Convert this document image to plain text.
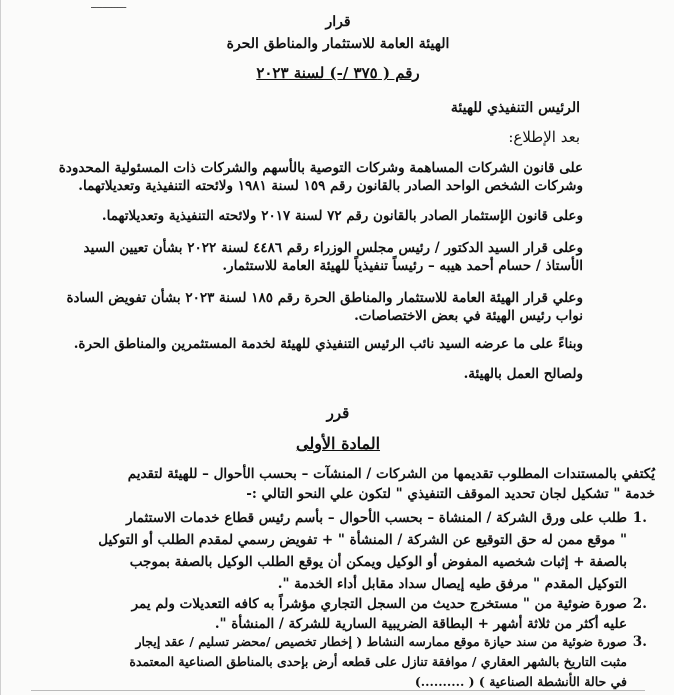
ــــــــــــ
قرار
الهيئة العامة للاستثمار والمناطق الحرة
رقم ( ٣٧٥ /-) لسنة ٢٠٢٣
الرئيس التنفيذي للهيئة
بعد الإطلاع:
على قانون الشركات المساهمة وشركات التوصية بالأسهم والشركات ذات المسئولية المحدودة
وشركات الشخص الواحد الصادر بالقانون رقم ١٥٩ لسنة ١٩٨١ ولائحته التنفيذية وتعديلاتهما.
وعلى قانون الإستثمار الصادر بالقانون رقم ٧٢ لسنة ٢٠١٧ ولائحته التنفيذية وتعديلاتهما.
وعلى قرار السيد الدكتور / رئيس مجلس الوزراء رقم ٤٤٨٦ لسنة ٢٠٢٢ بشأن تعيين السيد
الأستاذ / حسام أحمد هيبه – رئيساً تنفيذياً للهيئة العامة للاستثمار.
وعلي قرار الهيئة العامة للاستثمار والمناطق الحرة رقم ١٨٥ لسنة ٢٠٢٣ بشأن تفويض السادة
نواب رئيس الهيئة في بعض الاختصاصات.
وبناءً على ما عرضه السيد نائب الرئيس التنفيذي للهيئة لخدمة المستثمرين والمناطق الحرة.
ولصالح العمل بالهيئة.
قرر
المادة الأولى
يُكتفي بالمستندات المطلوب تقديمها من الشركات / المنشآت – بحسب الأحوال – للهيئة لتقديم
خدمة " تشكيل لجان تحديد الموقف التنفيذي " لتكون علي النحو التالي :-
1.
طلب على ورق الشركة / المنشاة – بحسب الأحوال – بأسم رئيس قطاع خدمات الاستثمار
" موقع ممن له حق التوقيع عن الشركة / المنشأة " + تفويض رسمي لمقدم الطلب أو التوكيل
بالصفة + إثبات شخصيه المفوض أو الوكيل ويمكن أن يوقع الطلب الوكيل بالصفة بموجب
التوكيل المقدم " مرفق طيه إيصال سداد مقابل أداء الخدمة ".
2.
صورة ضوئية من " مستخرج حديث من السجل التجاري مؤشراً به كافه التعديلات ولم يمر
عليه أكثر من ثلاثة أشهر + البطاقة الضريبية السارية للشركة / المنشأة ".
3.
صورة ضوئية من سند حيازة موقع ممارسه النشاط ( إخطار تخصيص /محضر تسليم / عقد إيجار
مثبت التاريخ بالشهر العقاري / موافقة تنازل على قطعه أرض بإحدى بالمناطق الصناعية المعتمدة
في حالة الأنشطة الصناعية ) ( ..........)
